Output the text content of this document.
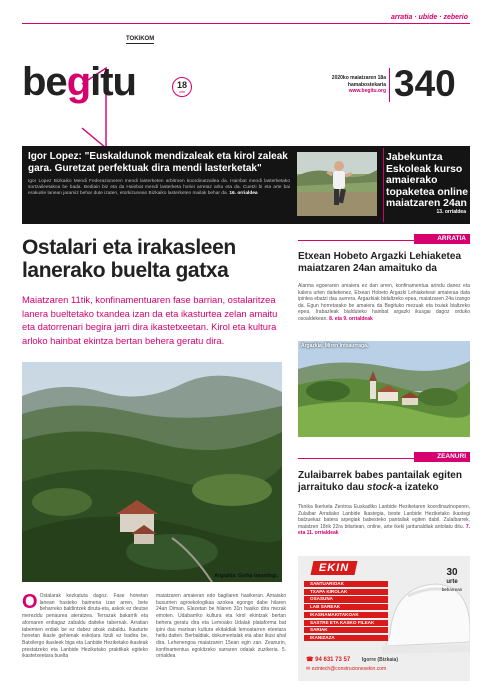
arratia · ubide · zeberio
begitu
TOKIKOM
18
urte
2020ko maiatzaren 18a
hamabostekaria
www.begitu.org 340
Igor Lopez: "Euskaldunok mendizaleak eta kirol zaleak gara. Guretzat perfektuak dira mendi lasterketak"
Igor Lopez Bizkaiko Mendi Federazioneren mendi lasterketen arbitroen koordinatzailea da. Hainbat mendi lasterketako sortzaileetakoa be bada. Bediain biz eta da Hainbat mendi lasterketa horiei arretaz aritu eta da. Cuetzi bi eta arte bai erakusle lanean jaramiz behar dute izaten, etorkizunean Bizkaiko lasterketen mailak behar da. 16. orrialdea
Jabekuntza Eskoleak kurso amaierako topaketea online maiatzaren 24an
13. orrialdea
Ostalari eta irakasleen lanerako buelta gatxa
Maiatzaren 11tik, konfinamentuaren fase barrian, ostalaritzea lanera bueltetako txandea izan da eta ikasturtea zelan amaitu eta datorrenari begira jarri dira ikastetxeetan. Kirol eta kultura arloko hainbat ekintza bertan behera geratu dira.
Argazkia: Gorka Iraundegi.
O Ostalarak kezkatuta dagoz. Fase honetan lanean hasteko baimena izan arren, bete beharreko baldintzek diruta-eta, askok ez deutse merezidu penaurea ateratzea. Terrazak bakarrik eta aforoaren erdiagaz zabaldu daiteke tabernak. Arratian tabernien erdiak be ez dabez atxak zabaldu. Ikasturte honetan ikasle gehienak eskolara itzuli ez badira be, Batxilergo ikasleek biga eta Lanbide Heziketako ikasleak prestatzeko eta Lanbide Heziketako praktikak egiteko ikastetxeetara buelta
maiatzaren amaieran edo bagilaren hasikeran. Amaiako busurrien agroekologikaa azokea egongo dabe hilaren 24an Diman. Elezetan be hilaren 31n hasiko dira mezak emoten. Udabarriko kultura eta kirol ekintzak bertan behera geratu dira eta Lemoako Udalak plataforma bat ipini dau martxan kultura ekitaldiak lemoatarren eteetara heltu daiten. Berbaldiak, dokumentalak eta abar ikusi ahal dira. Lehenengoa maiatzaren 15ean egin zan. Zeanurin, konfinamentua egokitzeko sarraren odaiak zuzikeria. 5. orrialdea
ARRATIA
Etxean Hobeto Argazki Lehiaketea maiatzaren 24an amaituko da
Alarma egoeraren amaiera ez dan arren, konfinamentua arindu danez eta kalera urten daitekenez, Etxean Hobeto Argazki Lehiaketeari amaieraa data ipintea ebatzi dau aurrera. Argazkiak bidaltzeko epea, maiatzaren 24a izango da. Egun horretarako be amaiera da Begituko mezuak eta txuiak bialtzeko epea. Irabazleak bialduteko hainbat argazki ikusgai dagoz orduko osoaldekean. 8. eta 9. orrialdeak
Argazkia: Miren Intxaurraga.
ZEANURI
Zulaibarrek babes pantailak egiten jarraituko dau stock-a izateko
Tknika Ikerketa Zentroa Euskadiko Lanbide Heziketaren koordinazinoperen, Zulaibar Arratiako Lanbide Ikastegia, beste Lanbide Heziketako ikastegi batzuekaz batera arpegiak babesteko pantailak egiten dabil. Zulaibarrek, maiatzen 18rik 22ra bitartean, online, arte ikeki jardunaldiak antolatu ditu. 7. eta 11. orrialdeak
EKIN	30
urte
beharrean
SANTUARIOAK
TXAPA KIROLAK
OSASUNA
LAB SAREAK
IKASNAMAKITAKOAK
SASTRE ETA KASKO FILEAK
SARIAK
IKANIZAZA
☎ 94 631 73 57 Igorre (Bizkaia)
✉ ezintech@construcionesekin.com
